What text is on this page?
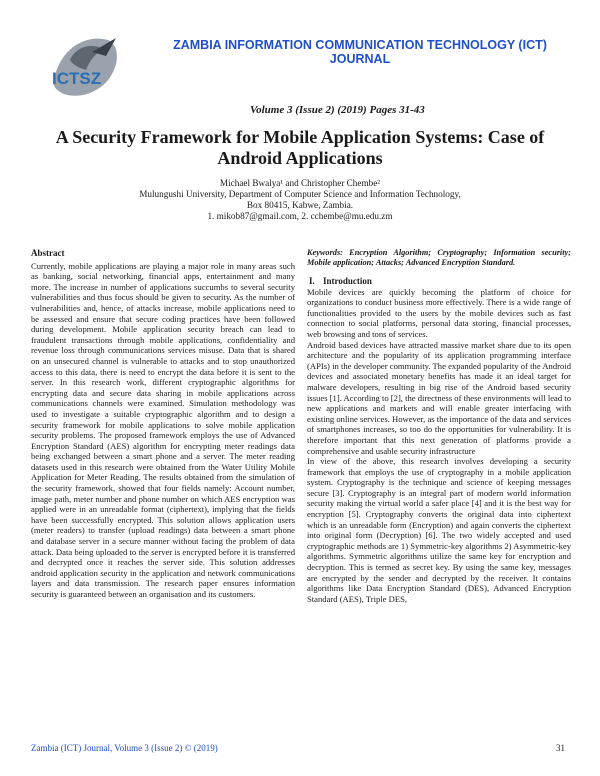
ICTSZ
ZAMBIA INFORMATION COMMUNICATION TECHNOLOGY (ICT)
JOURNAL
Volume 3 (Issue 2) (2019) Pages 31-43
A Security Framework for Mobile Application Systems: Case of
Android Applications
Michael Bwalya¹ and Christopher Chembe²
Mulungushi University, Department of Computer Science and Information Technology,
Box 80415, Kabwe, Zambia.
1. mikob87@gmail.com, 2. cchembe@mu.edu.zm
Abstract

Currently, mobile applications are playing a major role in many areas such as banking, social networking, financial apps, entertainment and many more. The increase in number of applications succumbs to several security vulnerabilities and thus focus should be given to security. As the number of vulnerabilities and, hence, of attacks increase, mobile applications need to be assessed and ensure that secure coding practices have been followed during development. Mobile application security breach can lead to fraudulent transactions through mobile applications, confidentiality and revenue loss through communications services misuse. Data that is shared on an unsecured channel is vulnerable to attacks and to stop unauthorized access to this data, there is need to encrypt the data before it is sent to the server. In this research work, different cryptographic algorithms for encrypting data and secure data sharing in mobile applications across communications channels were examined. Simulation methodology was used to investigate a suitable cryptographic algorithm and to design a security framework for mobile applications to solve mobile application security problems. The proposed framework employs the use of Advanced Encryption Standard (AES) algorithm for encrypting meter readings data being exchanged between a smart phone and a server. The meter reading datasets used in this research were obtained from the Water Utility Mobile Application for Meter Reading. The results obtained from the simulation of the security framework, showed that four fields namely: Account number, image path, meter number and phone number on which AES encryption was applied were in an unreadable format (ciphertext), implying that the fields have been successfully encrypted. This solution allows application users (meter readers) to transfer (upload readings) data between a smart phone and database server in a secure manner without facing the problem of data attack. Data being uploaded to the server is encrypted before it is transferred and decrypted once it reaches the server side. This solution addresses android application security in the application and network communications layers and data transmission. The research paper ensures information security is guaranteed between an organisation and its customers.

Keywords: Encryption Algorithm; Cryptography; Information security; Mobile application; Attacks; Advanced Encryption Standard.

I. Introduction

Mobile devices are quickly becoming the platform of choice for organizations to conduct business more effectively. There is a wide range of functionalities provided to the users by the mobile devices such as fast connection to social platforms, personal data storing, financial processes, web browsing and tons of services.

Android based devices have attracted massive market share due to its open architecture and the popularity of its application programming interface (APIs) in the developer community. The expanded popularity of the Android devices and associated monetary benefits has made it an ideal target for malware developers, resulting in big rise of the Android based security issues [1]. According to [2], the directness of these environments will lead to new applications and markets and will enable greater interfacing with existing online services. However, as the importance of the data and services of smartphones increases, so too do the opportunities for vulnerability. It is therefore important that this next generation of platforms provide a comprehensive and usable security infrastructure

In view of the above, this research involves developing a security framework that employs the use of cryptography in a mobile application system. Cryptography is the technique and science of keeping messages secure [3]. Cryptography is an integral part of modern world information security making the virtual world a safer place [4] and it is the best way for encryption [5]. Cryptography converts the original data into ciphertext which is an unreadable form (Encryption) and again converts the ciphertext into original form (Decryption) [6]. The two widely accepted and used cryptographic methods are 1) Symmetric-key algorithms 2) Asymmetric-key algorithms. Symmetric algorithms utilize the same key for encryption and decryption. This is termed as secret key. By using the same key, messages are encrypted by the sender and decrypted by the receiver. It contains algorithms like Data Encryption Standard (DES), Advanced Encryption Standard (AES), Triple DES,

Zambia (ICT) Journal, Volume 3 (Issue 2) © (2019)	31
